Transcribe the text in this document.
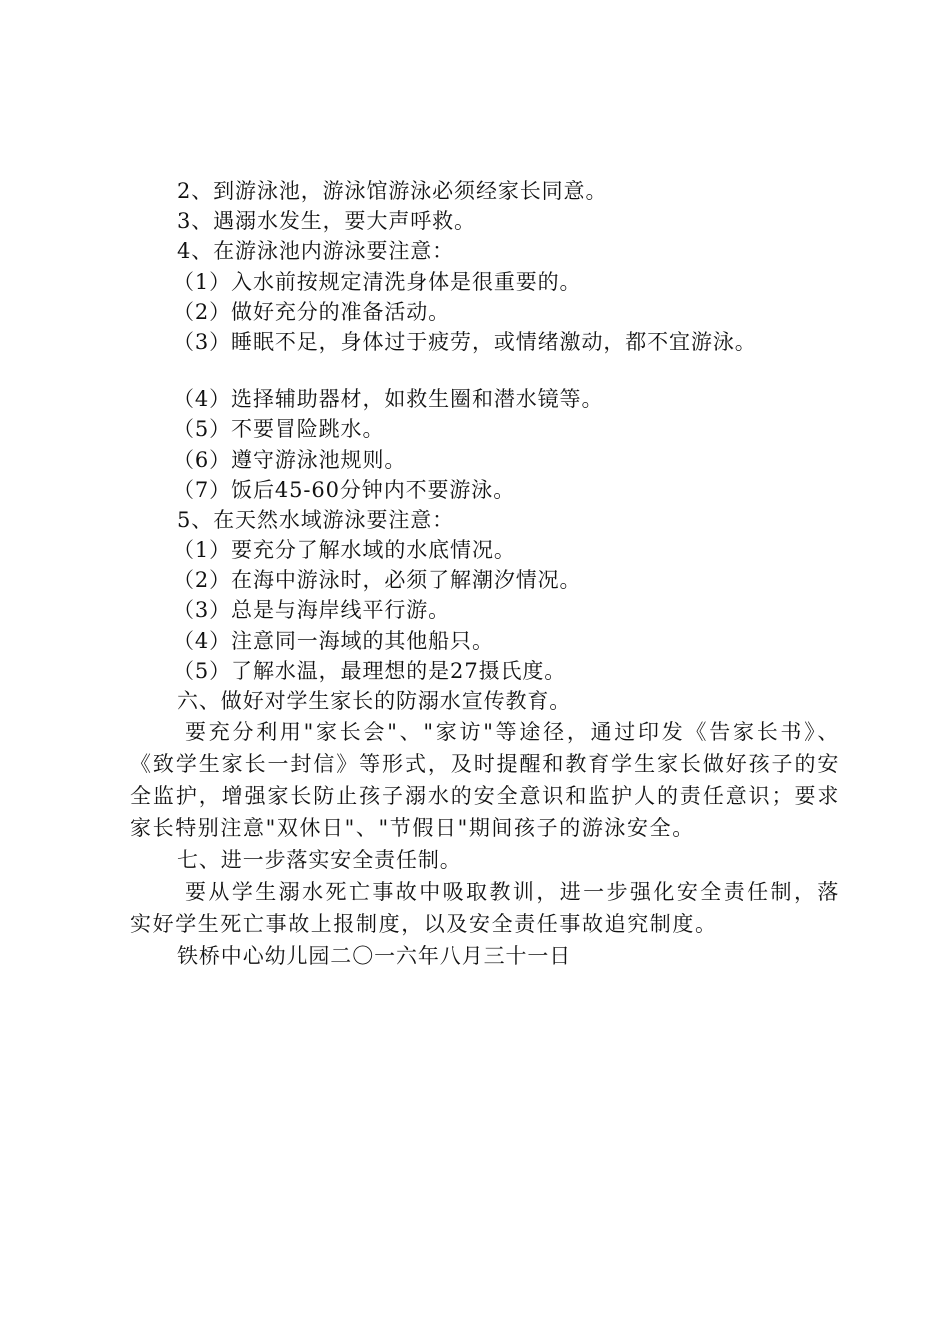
2、到游泳池，游泳馆游泳必须经家长同意。
3、遇溺水发生，要大声呼救。
4、在游泳池内游泳要注意：
（1）入水前按规定清洗身体是很重要的。
（2）做好充分的准备活动。
（3）睡眠不足，身体过于疲劳，或情绪激动，都不宜游泳。
（4）选择辅助器材，如救生圈和潜水镜等。
（5）不要冒险跳水。
（6）遵守游泳池规则。
（7）饭后45-60分钟内不要游泳。
5、在天然水域游泳要注意：
（1）要充分了解水域的水底情况。
（2）在海中游泳时，必须了解潮汐情况。
（3）总是与海岸线平行游。
（4）注意同一海域的其他船只。
（5）了解水温，最理想的是27摄氏度。
六、做好对学生家长的防溺水宣传教育。
要充分利用"家长会"、"家访"等途径，通过印发《告家长书》、《致学生家长一封信》等形式，及时提醒和教育学生家长做好孩子的安全监护，增强家长防止孩子溺水的安全意识和监护人的责任意识；要求家长特别注意"双休日"、"节假日"期间孩子的游泳安全。
七、进一步落实安全责任制。
要从学生溺水死亡事故中吸取教训，进一步强化安全责任制，落实好学生死亡事故上报制度，以及安全责任事故追究制度。
铁桥中心幼儿园二〇一六年八月三十一日
